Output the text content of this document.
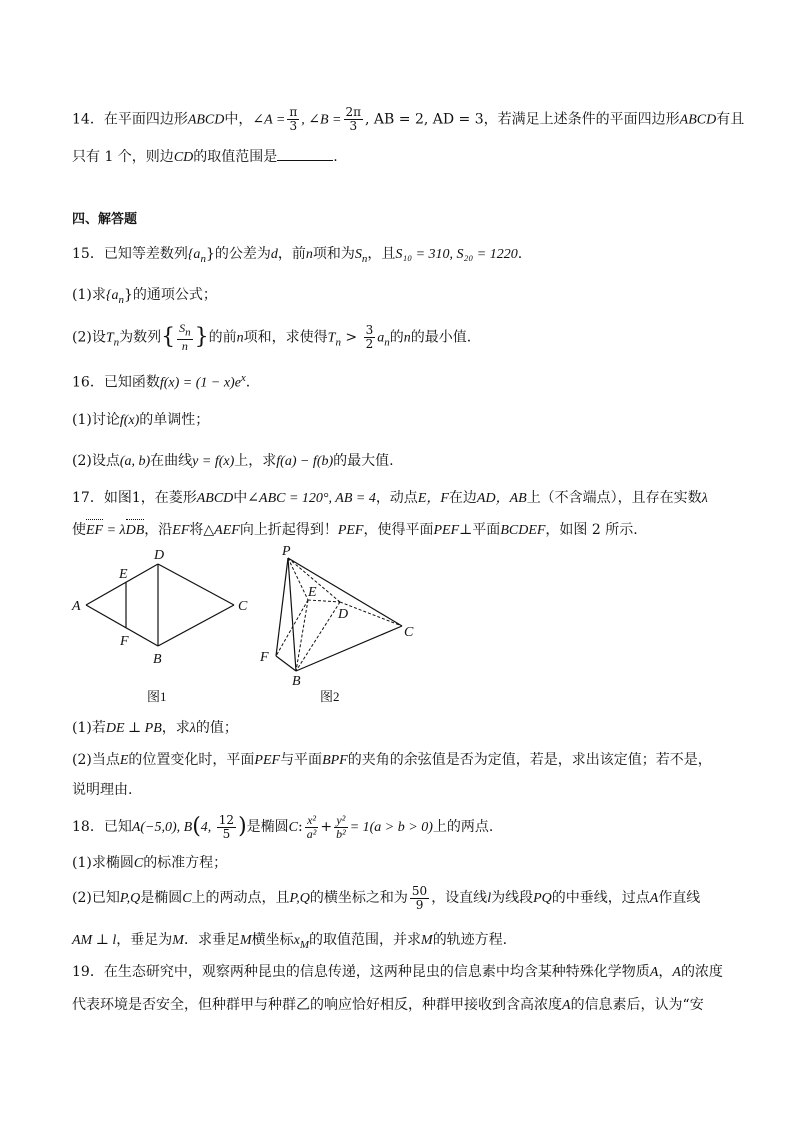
14．在平面四边形ABCD中，∠A = $\frac{\pi}{3}$ , ∠B = $\frac{2\pi}{3}$ , AB = 2, AD = 3，若满足上述条件的平面四边形ABCD有且
只有 1 个，则边CD的取值范围是	.
四、解答题
15．已知等差数列$\{a_n\}$的公差为d，前n项和为$S_n$，且S₁₀ = 310, S₂₀ = 1220.
(1)求$\{a_n\}$的通项公式；
(2)设$T_n$为数列{ $\frac{S_n}{n}$ }的前n项和，求使得$T_n > \frac{3}{2} a_n$的n的最小值.
16．已知函数$f(x) = (1 - x)e^x$.
(1)讨论f(x)的单调性；
(2)设点(a, b)在曲线y = f(x)上，求f(a) − f(b)的最大值.
17．如图1，在菱形ABCD中∠ABC = 120°, AB = 4，动点E，F在边AD，AB上（不含端点），且存在实数λ
使EF = λDB，沿EF将△AEF向上折起得到！PEF，使得平面PEF⊥平面BCDEF，如图 2 所示.
A
D
C
B
E
F
图1
P
E
D
C
F
B
图2
(1)若DE ⊥ PB，求λ的值；
(2)当点E的位置变化时，平面PEF与平面BPF的夹角的余弦值是否为定值，若是，求出该定值；若不是，
说明理由.
18．已知A(−5,0), B(4, $\frac{12}{5}$ )是椭圆C: $\frac{\text{x²}}{\text{a²}} + \frac{\text{y²}}{\text{b²}} = 1(a > b > 0)$上的两点.
(1)求椭圆C的标准方程；
(2)已知P,Q是椭圆C上的两动点，且P,Q的横坐标之和为 $\frac{50}{9}$ ，设直线l为线段PQ的中垂线，过点A作直线
AM ⊥ l，垂足为M．求垂足M横坐标$x_M$的取值范围，并求M的轨迹方程.
19．在生态研究中，观察两种昆虫的信息传递，这两种昆虫的信息素中均含某种特殊化学物质A，A的浓度
代表环境是否安全，但种群甲与种群乙的响应恰好相反，种群甲接收到含高浓度A的信息素后，认为“安
